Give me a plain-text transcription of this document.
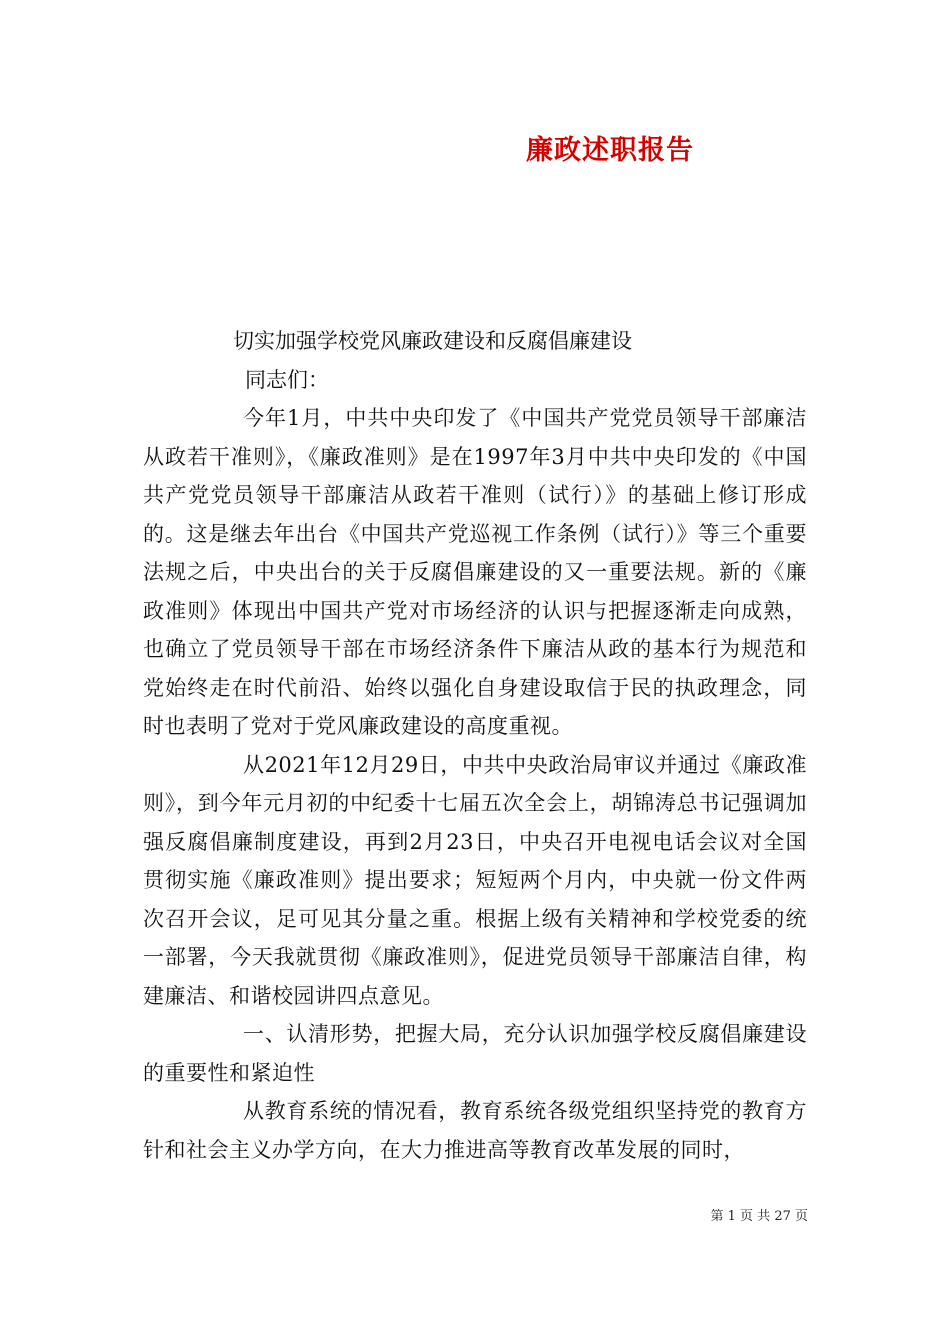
廉政述职报告

切实加强学校党风廉政建设和反腐倡廉建设

同志们：

今年1月，中共中央印发了《中国共产党党员领导干部廉洁从政若干准则》，《廉政准则》是在1997年3月中共中央印发的《中国共产党党员领导干部廉洁从政若干准则（试行）》的基础上修订形成的。这是继去年出台《中国共产党巡视工作条例（试行）》等三个重要法规之后，中央出台的关于反腐倡廉建设的又一重要法规。新的《廉政准则》体现出中国共产党对市场经济的认识与把握逐渐走向成熟，也确立了党员领导干部在市场经济条件下廉洁从政的基本行为规范和党始终走在时代前沿、始终以强化自身建设取信于民的执政理念，同时也表明了党对于党风廉政建设的高度重视。

从2021年12月29日，中共中央政治局审议并通过《廉政准则》，到今年元月初的中纪委十七届五次全会上，胡锦涛总书记强调加强反腐倡廉制度建设，再到2月23日，中央召开电视电话会议对全国贯彻实施《廉政准则》提出要求；短短两个月内，中央就一份文件两次召开会议，足可见其分量之重。根据上级有关精神和学校党委的统一部署，今天我就贯彻《廉政准则》，促进党员领导干部廉洁自律，构建廉洁、和谐校园讲四点意见。

一、认清形势，把握大局，充分认识加强学校反腐倡廉建设的重要性和紧迫性

从教育系统的情况看，教育系统各级党组织坚持党的教育方针和社会主义办学方向，在大力推进高等教育改革发展的同时，

第 1 页 共 27 页
